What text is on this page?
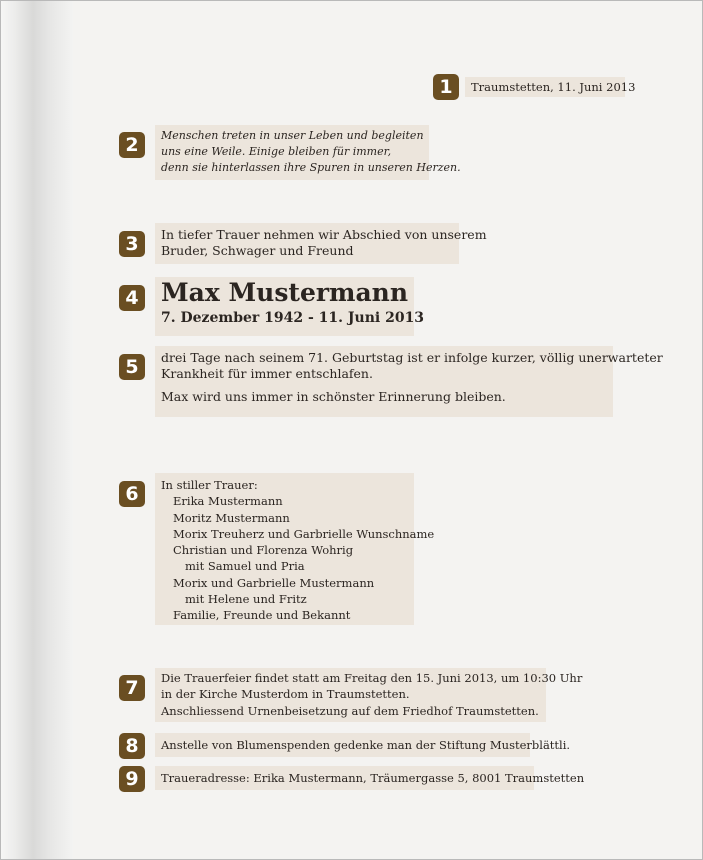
1	Traumstetten, 11. Juni 2013
2	Menschen treten in unser Leben und begleiten
uns eine Weile. Einige bleiben für immer,
denn sie hinterlassen ihre Spuren in unseren Herzen.
3	In tiefer Trauer nehmen wir Abschied von unserem
Bruder, Schwager und Freund
4 Max Mustermann
7. Dezember 1942 - 11. Juni 2013
5	drei Tage nach seinem 71. Geburtstag ist er infolge kurzer, völlig unerwarteter
Krankheit für immer entschlafen.
Max wird uns immer in schönster Erinnerung bleiben.
6	In stiller Trauer:
Erika Mustermann
Moritz Mustermann
Morix Treuherz und Garbrielle Wunschname
Christian und Florenza Wohrig
mit Samuel und Pria
Morix und Garbrielle Mustermann
mit Helene und Fritz
Familie, Freunde und Bekannt
7	Die Trauerfeier findet statt am Freitag den 15. Juni 2013, um 10:30 Uhr
in der Kirche Musterdom in Traumstetten.
Anschliessend Urnenbeisetzung auf dem Friedhof Traumstetten.
8	Anstelle von Blumenspenden gedenke man der Stiftung Musterblättli.
9	Traueradresse: Erika Mustermann, Träumergasse 5, 8001 Traumstetten
